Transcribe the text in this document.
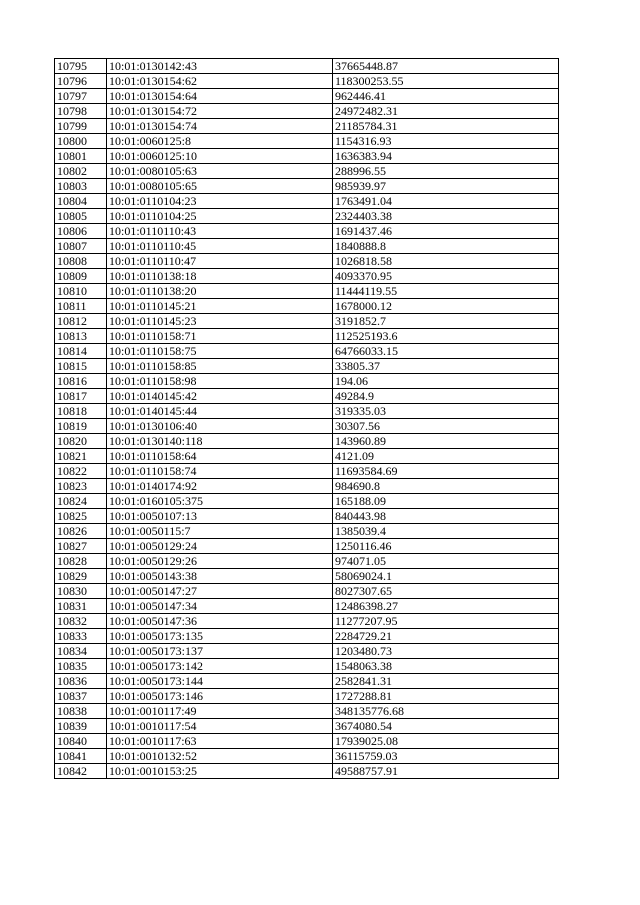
10795	10:01:0130142:43	37665448.87
10796	10:01:0130154:62	118300253.55
10797	10:01:0130154:64	962446.41
10798	10:01:0130154:72	24972482.31
10799	10:01:0130154:74	21185784.31
10800	10:01:0060125:8	1154316.93
10801	10:01:0060125:10	1636383.94
10802	10:01:0080105:63	288996.55
10803	10:01:0080105:65	985939.97
10804	10:01:0110104:23	1763491.04
10805	10:01:0110104:25	2324403.38
10806	10:01:0110110:43	1691437.46
10807	10:01:0110110:45	1840888.8
10808	10:01:0110110:47	1026818.58
10809	10:01:0110138:18	4093370.95
10810	10:01:0110138:20	11444119.55
10811	10:01:0110145:21	1678000.12
10812	10:01:0110145:23	3191852.7
10813	10:01:0110158:71	112525193.6
10814	10:01:0110158:75	64766033.15
10815	10:01:0110158:85	33805.37
10816	10:01:0110158:98	194.06
10817	10:01:0140145:42	49284.9
10818	10:01:0140145:44	319335.03
10819	10:01:0130106:40	30307.56
10820	10:01:0130140:118	143960.89
10821	10:01:0110158:64	4121.09
10822	10:01:0110158:74	11693584.69
10823	10:01:0140174:92	984690.8
10824	10:01:0160105:375	165188.09
10825	10:01:0050107:13	840443.98
10826	10:01:0050115:7	1385039.4
10827	10:01:0050129:24	1250116.46
10828	10:01:0050129:26	974071.05
10829	10:01:0050143:38	58069024.1
10830	10:01:0050147:27	8027307.65
10831	10:01:0050147:34	12486398.27
10832	10:01:0050147:36	11277207.95
10833	10:01:0050173:135	2284729.21
10834	10:01:0050173:137	1203480.73
10835	10:01:0050173:142	1548063.38
10836	10:01:0050173:144	2582841.31
10837	10:01:0050173:146	1727288.81
10838	10:01:0010117:49	348135776.68
10839	10:01:0010117:54	3674080.54
10840	10:01:0010117:63	17939025.08
10841	10:01:0010132:52	36115759.03
10842	10:01:0010153:25	49588757.91
